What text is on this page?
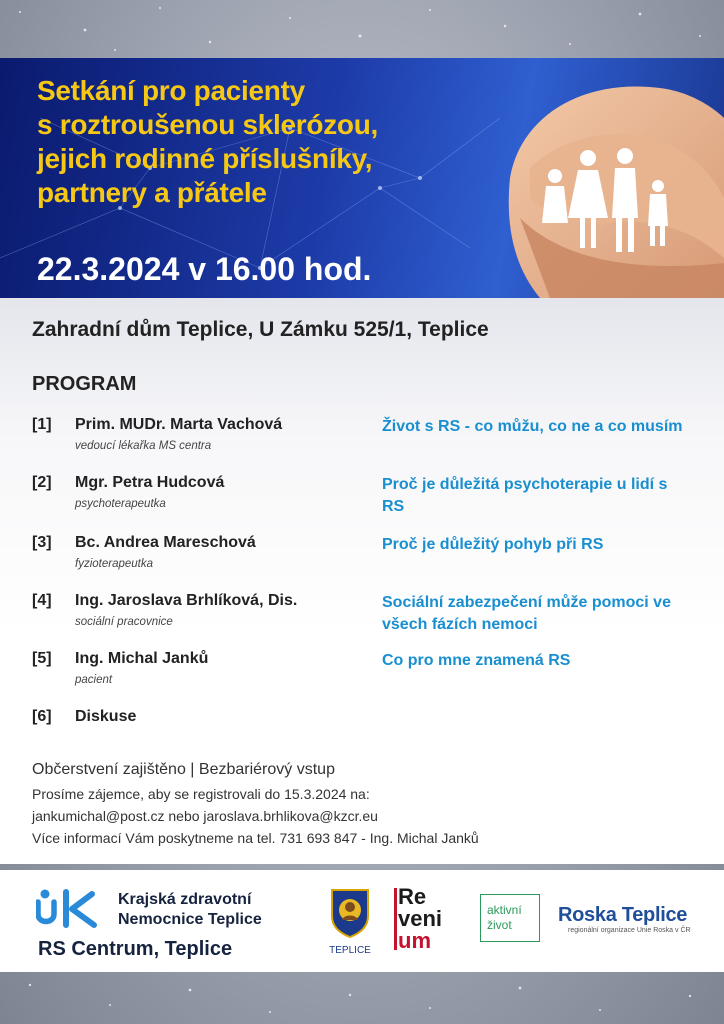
Setkání pro pacienty
s roztroušenou sklerózou,
jejich rodinné příslušníky,
partnery a přátele
22.3.2024 v 16.00 hod.
Zahradní dům Teplice, U Zámku 525/1, Teplice
PROGRAM
[1] Prim. MUDr. Marta Vachová
vedoucí lékařka MS centra
Život s RS - co můžu, co ne a co musím
[2] Mgr. Petra Hudcová
psychoterapeutka
Proč je důležitá psychoterapie u lidí s RS
[3] Bc. Andrea Mareschová
fyzioterapeutka
Proč je důležitý pohyb při RS
[4] Ing. Jaroslava Brhlíková, Dis.
sociální pracovnice
Sociální zabezpečení může pomoci ve všech fázích nemoci
[5] Ing. Michal Janků
pacient
Co pro mne znamená RS
[6] Diskuse
Občerstvení zajištěno | Bezbariérový vstup
Prosíme zájemce, aby se registrovali do 15.3.2024 na:
jankumichal@post.cz nebo jaroslava.brhlikova@kzcr.eu
Více informací Vám poskytneme na tel. 731 693 847 - Ing. Michal Janků
Krajská zdravotní
Nemocnice Teplice
RS Centrum, Teplice	TEPLICE
Re
veni
um
aktivní
život	Roska Teplice
regionální organizace Unie Roska v ČR
